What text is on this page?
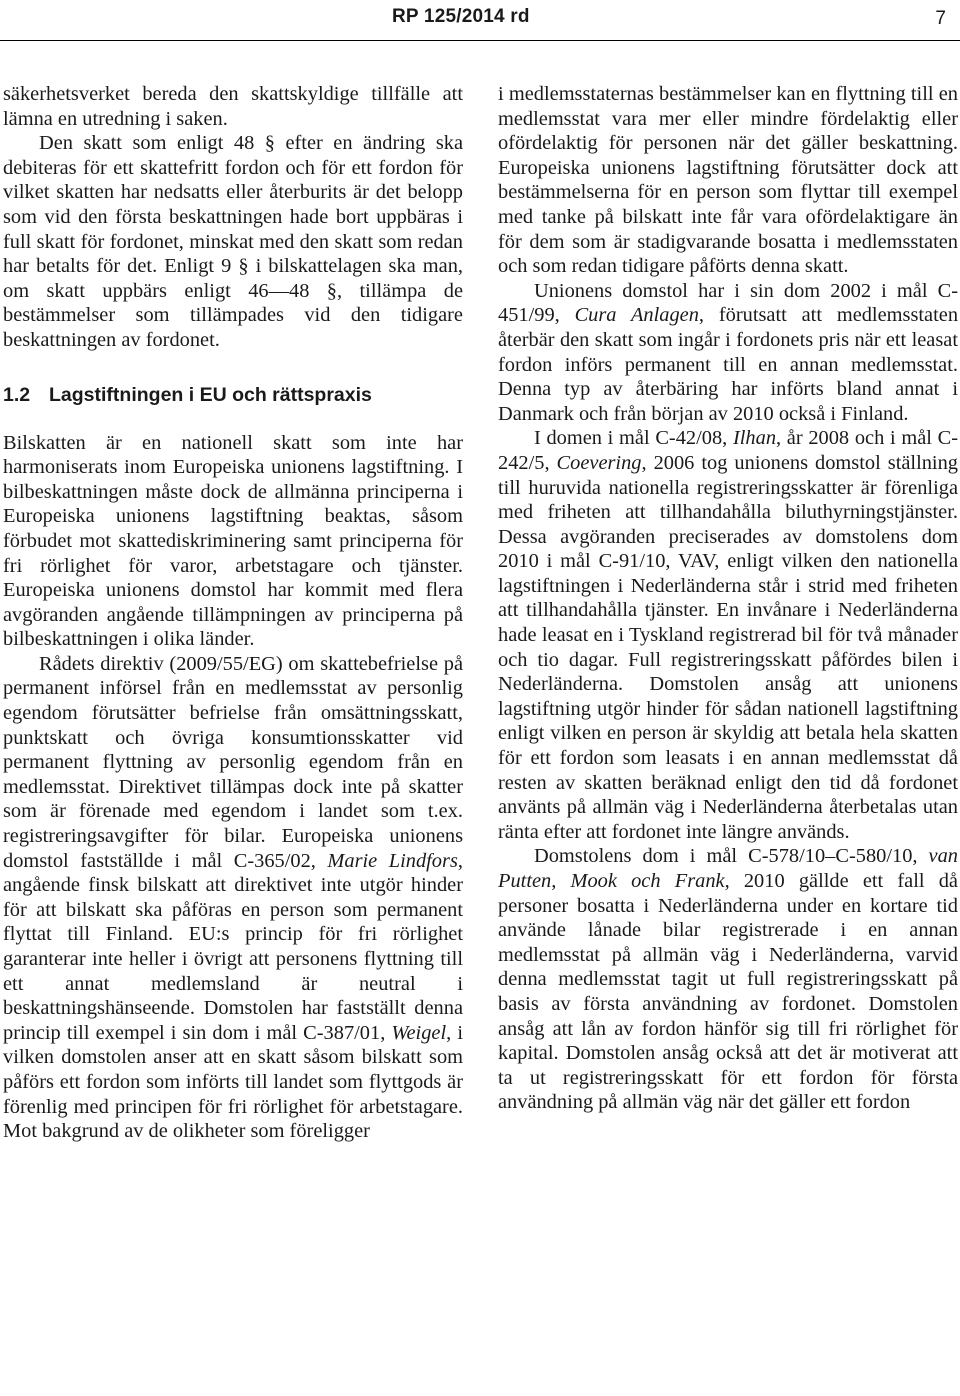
RP 125/2014 rd	7

säkerhetsverket bereda den skattskyldige tillfälle att lämna en utredning i saken.

Den skatt som enligt 48 § efter en ändring ska debiteras för ett skattefritt fordon och för ett fordon för vilket skatten har nedsatts eller återburits är det belopp som vid den första beskattningen hade bort uppbäras i full skatt för fordonet, minskat med den skatt som redan har betalts för det. Enligt 9 § i bilskattelagen ska man, om skatt uppbärs enligt 46—48 §, tillämpa de bestämmelser som tillämpades vid den tidigare beskattningen av fordonet.

1.2 Lagstiftningen i EU och rättspraxis

Bilskatten är en nationell skatt som inte har harmoniserats inom Europeiska unionens lagstiftning. I bilbeskattningen måste dock de allmänna principerna i Europeiska unionens lagstiftning beaktas, såsom förbudet mot skattediskriminering samt principerna för fri rörlighet för varor, arbetstagare och tjänster. Europeiska unionens domstol har kommit med flera avgöranden angående tillämpningen av principerna på bilbeskattningen i olika länder.

Rådets direktiv (2009/55/EG) om skattebefrielse på permanent införsel från en medlemsstat av personlig egendom förutsätter befrielse från omsättningsskatt, punktskatt och övriga konsumtionsskatter vid permanent flyttning av personlig egendom från en medlemsstat. Direktivet tillämpas dock inte på skatter som är förenade med egendom i landet som t.ex. registreringsavgifter för bilar. Europeiska unionens domstol fastställde i mål C-365/02, Marie Lindfors, angående finsk bilskatt att direktivet inte utgör hinder för att bilskatt ska påföras en person som permanent flyttat till Finland. EU:s princip för fri rörlighet garanterar inte heller i övrigt att personens flyttning till ett annat medlemsland är neutral i beskattningshänseende. Domstolen har fastställt denna princip till exempel i sin dom i mål C-387/01, Weigel, i vilken domstolen anser att en skatt såsom bilskatt som påförs ett fordon som införts till landet som flyttgods är förenlig med principen för fri rörlighet för arbetstagare. Mot bakgrund av de olikheter som föreligger

i medlemsstaternas bestämmelser kan en flyttning till en medlemsstat vara mer eller mindre fördelaktig eller ofördelaktig för personen när det gäller beskattning. Europeiska unionens lagstiftning förutsätter dock att bestämmelserna för en person som flyttar till exempel med tanke på bilskatt inte får vara ofördelaktigare än för dem som är stadigvarande bosatta i medlemsstaten och som redan tidigare påförts denna skatt.

Unionens domstol har i sin dom 2002 i mål C-451/99, Cura Anlagen, förutsatt att medlemsstaten återbär den skatt som ingår i fordonets pris när ett leasat fordon införs permanent till en annan medlemsstat. Denna typ av återbäring har införts bland annat i Danmark och från början av 2010 också i Finland.

I domen i mål C-42/08, Ilhan, år 2008 och i mål C-242/5, Coevering, 2006 tog unionens domstol ställning till huruvida nationella registreringsskatter är förenliga med friheten att tillhandahålla biluthyrningstjänster. Dessa avgöranden preciserades av domstolens dom 2010 i mål C-91/10, VAV, enligt vilken den nationella lagstiftningen i Nederländerna står i strid med friheten att tillhandahålla tjänster. En invånare i Nederländerna hade leasat en i Tyskland registrerad bil för två månader och tio dagar. Full registreringsskatt påfördes bilen i Nederländerna. Domstolen ansåg att unionens lagstiftning utgör hinder för sådan nationell lagstiftning enligt vilken en person är skyldig att betala hela skatten för ett fordon som leasats i en annan medlemsstat då resten av skatten beräknad enligt den tid då fordonet använts på allmän väg i Nederländerna återbetalas utan ränta efter att fordonet inte längre används.

Domstolens dom i mål C-578/10–C-580/10, van Putten, Mook och Frank, 2010 gällde ett fall då personer bosatta i Nederländerna under en kortare tid använde lånade bilar registrerade i en annan medlemsstat på allmän väg i Nederländerna, varvid denna medlemsstat tagit ut full registreringsskatt på basis av första användning av fordonet. Domstolen ansåg att lån av fordon hänför sig till fri rörlighet för kapital. Domstolen ansåg också att det är motiverat att ta ut registreringsskatt för ett fordon för första användning på allmän väg när det gäller ett fordon
